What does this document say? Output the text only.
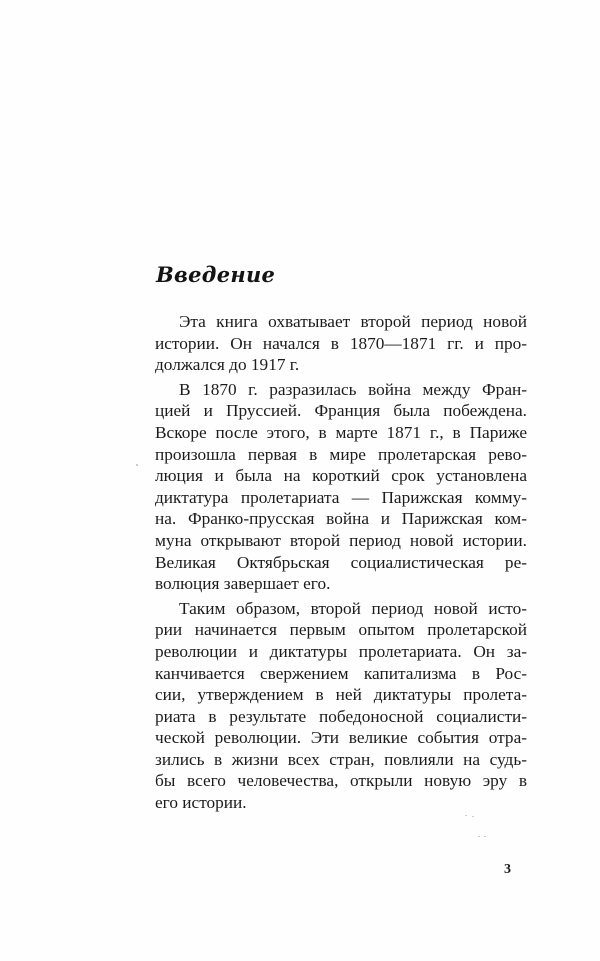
Введение
Эта книга охватывает второй период новой
истории. Он начался в 1870—1871 гг. и про-
должался до 1917 г.
В 1870 г. разразилась война между Фран-
цией и Пруссией. Франция была побеждена.
Вскоре после этого, в марте 1871 г., в Париже
произошла первая в мире пролетарская рево-
люция и была на короткий срок установлена
диктатура пролетариата — Парижская комму-
на. Франко-прусская война и Парижская ком-
муна открывают второй период новой истории.
Великая Октябрьская социалистическая ре-
волюция завершает его.
Таким образом, второй период новой исто-
рии начинается первым опытом пролетарской
революции и диктатуры пролетариата. Он за-
канчивается свержением капитализма в Рос-
сии, утверждением в ней диктатуры пролета-
риата в результате победоносной социалисти-
ческой революции. Эти великие события отра-
зились в жизни всех стран, повлияли на судь-
бы всего человечества, открыли новую эру в
его истории.
3
